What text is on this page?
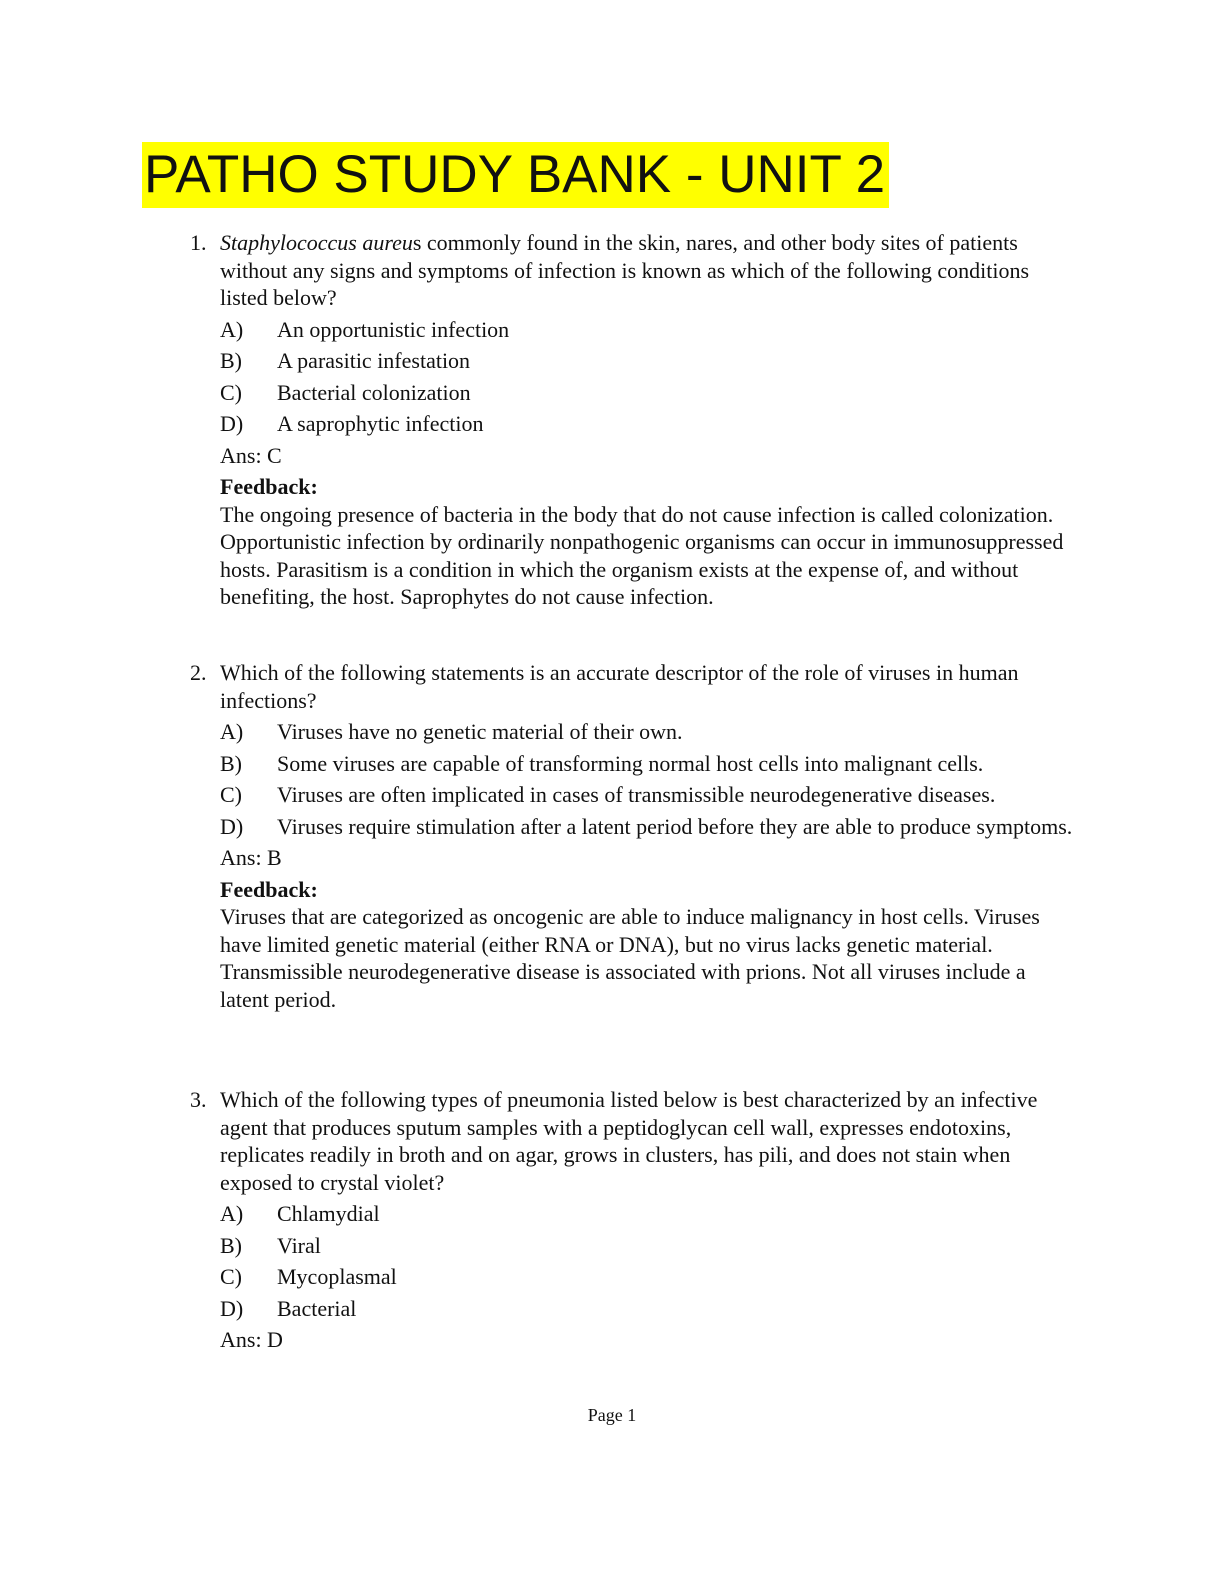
PATHO STUDY BANK - UNIT 2
1. Staphylococcus aureus commonly found in the skin, nares, and other body sites of patients without any signs and symptoms of infection is known as which of the following conditions listed below?
A) An opportunistic infection
B) A parasitic infestation
C) Bacterial colonization
D) A saprophytic infection
Ans: C
Feedback:
The ongoing presence of bacteria in the body that do not cause infection is called colonization. Opportunistic infection by ordinarily nonpathogenic organisms can occur in immunosuppressed hosts. Parasitism is a condition in which the organism exists at the expense of, and without benefiting, the host. Saprophytes do not cause infection.
2. Which of the following statements is an accurate descriptor of the role of viruses in human infections?
A) Viruses have no genetic material of their own.
B) Some viruses are capable of transforming normal host cells into malignant cells.
C) Viruses are often implicated in cases of transmissible neurodegenerative diseases.
D) Viruses require stimulation after a latent period before they are able to produce symptoms.
Ans: B
Feedback:
Viruses that are categorized as oncogenic are able to induce malignancy in host cells. Viruses have limited genetic material (either RNA or DNA), but no virus lacks genetic material. Transmissible neurodegenerative disease is associated with prions. Not all viruses include a latent period.
3. Which of the following types of pneumonia listed below is best characterized by an infective agent that produces sputum samples with a peptidoglycan cell wall, expresses endotoxins, replicates readily in broth and on agar, grows in clusters, has pili, and does not stain when exposed to crystal violet?
A) Chlamydial
B) Viral
C) Mycoplasmal
D) Bacterial
Ans: D
Page 1
